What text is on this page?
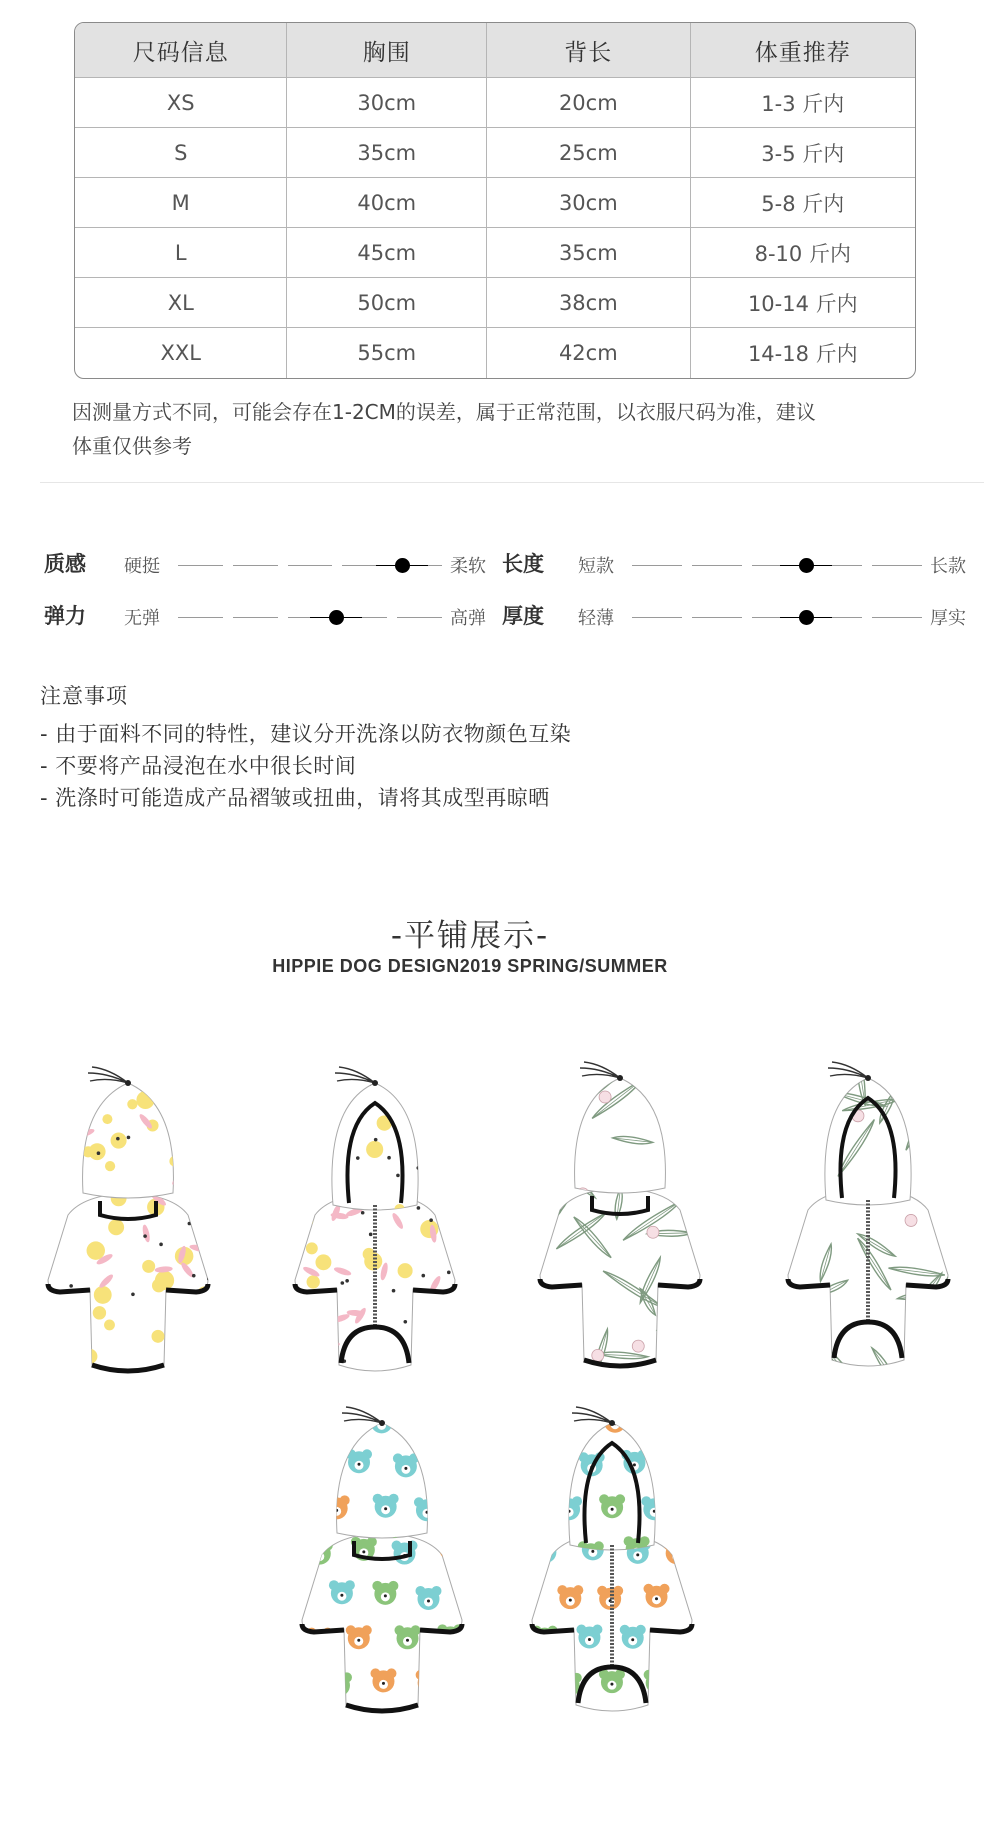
尺码信息	胸围	背长	体重推荐
XS	30cm	20cm	1-3 斤内
S	35cm	25cm	3-5 斤内
M	40cm	30cm	5-8 斤内
L	45cm	35cm	8-10 斤内
XL	50cm	38cm	10-14 斤内
XXL	55cm	42cm	14-18 斤内
因测量方式不同，可能会存在1-2CM的误差，属于正常范围，以衣服尺码为准，建议
体重仅供参考
质感 硬挺	柔软 长度 短款	长款
弹力 无弹	高弹 厚度 轻薄	厚实
注意事项
- 由于面料不同的特性，建议分开洗涤以防衣物颜色互染
- 不要将产品浸泡在水中很长时间
- 洗涤时可能造成产品褶皱或扭曲，请将其成型再晾晒
-平铺展示-
HIPPIE DOG DESIGN2019 SPRING/SUMMER
